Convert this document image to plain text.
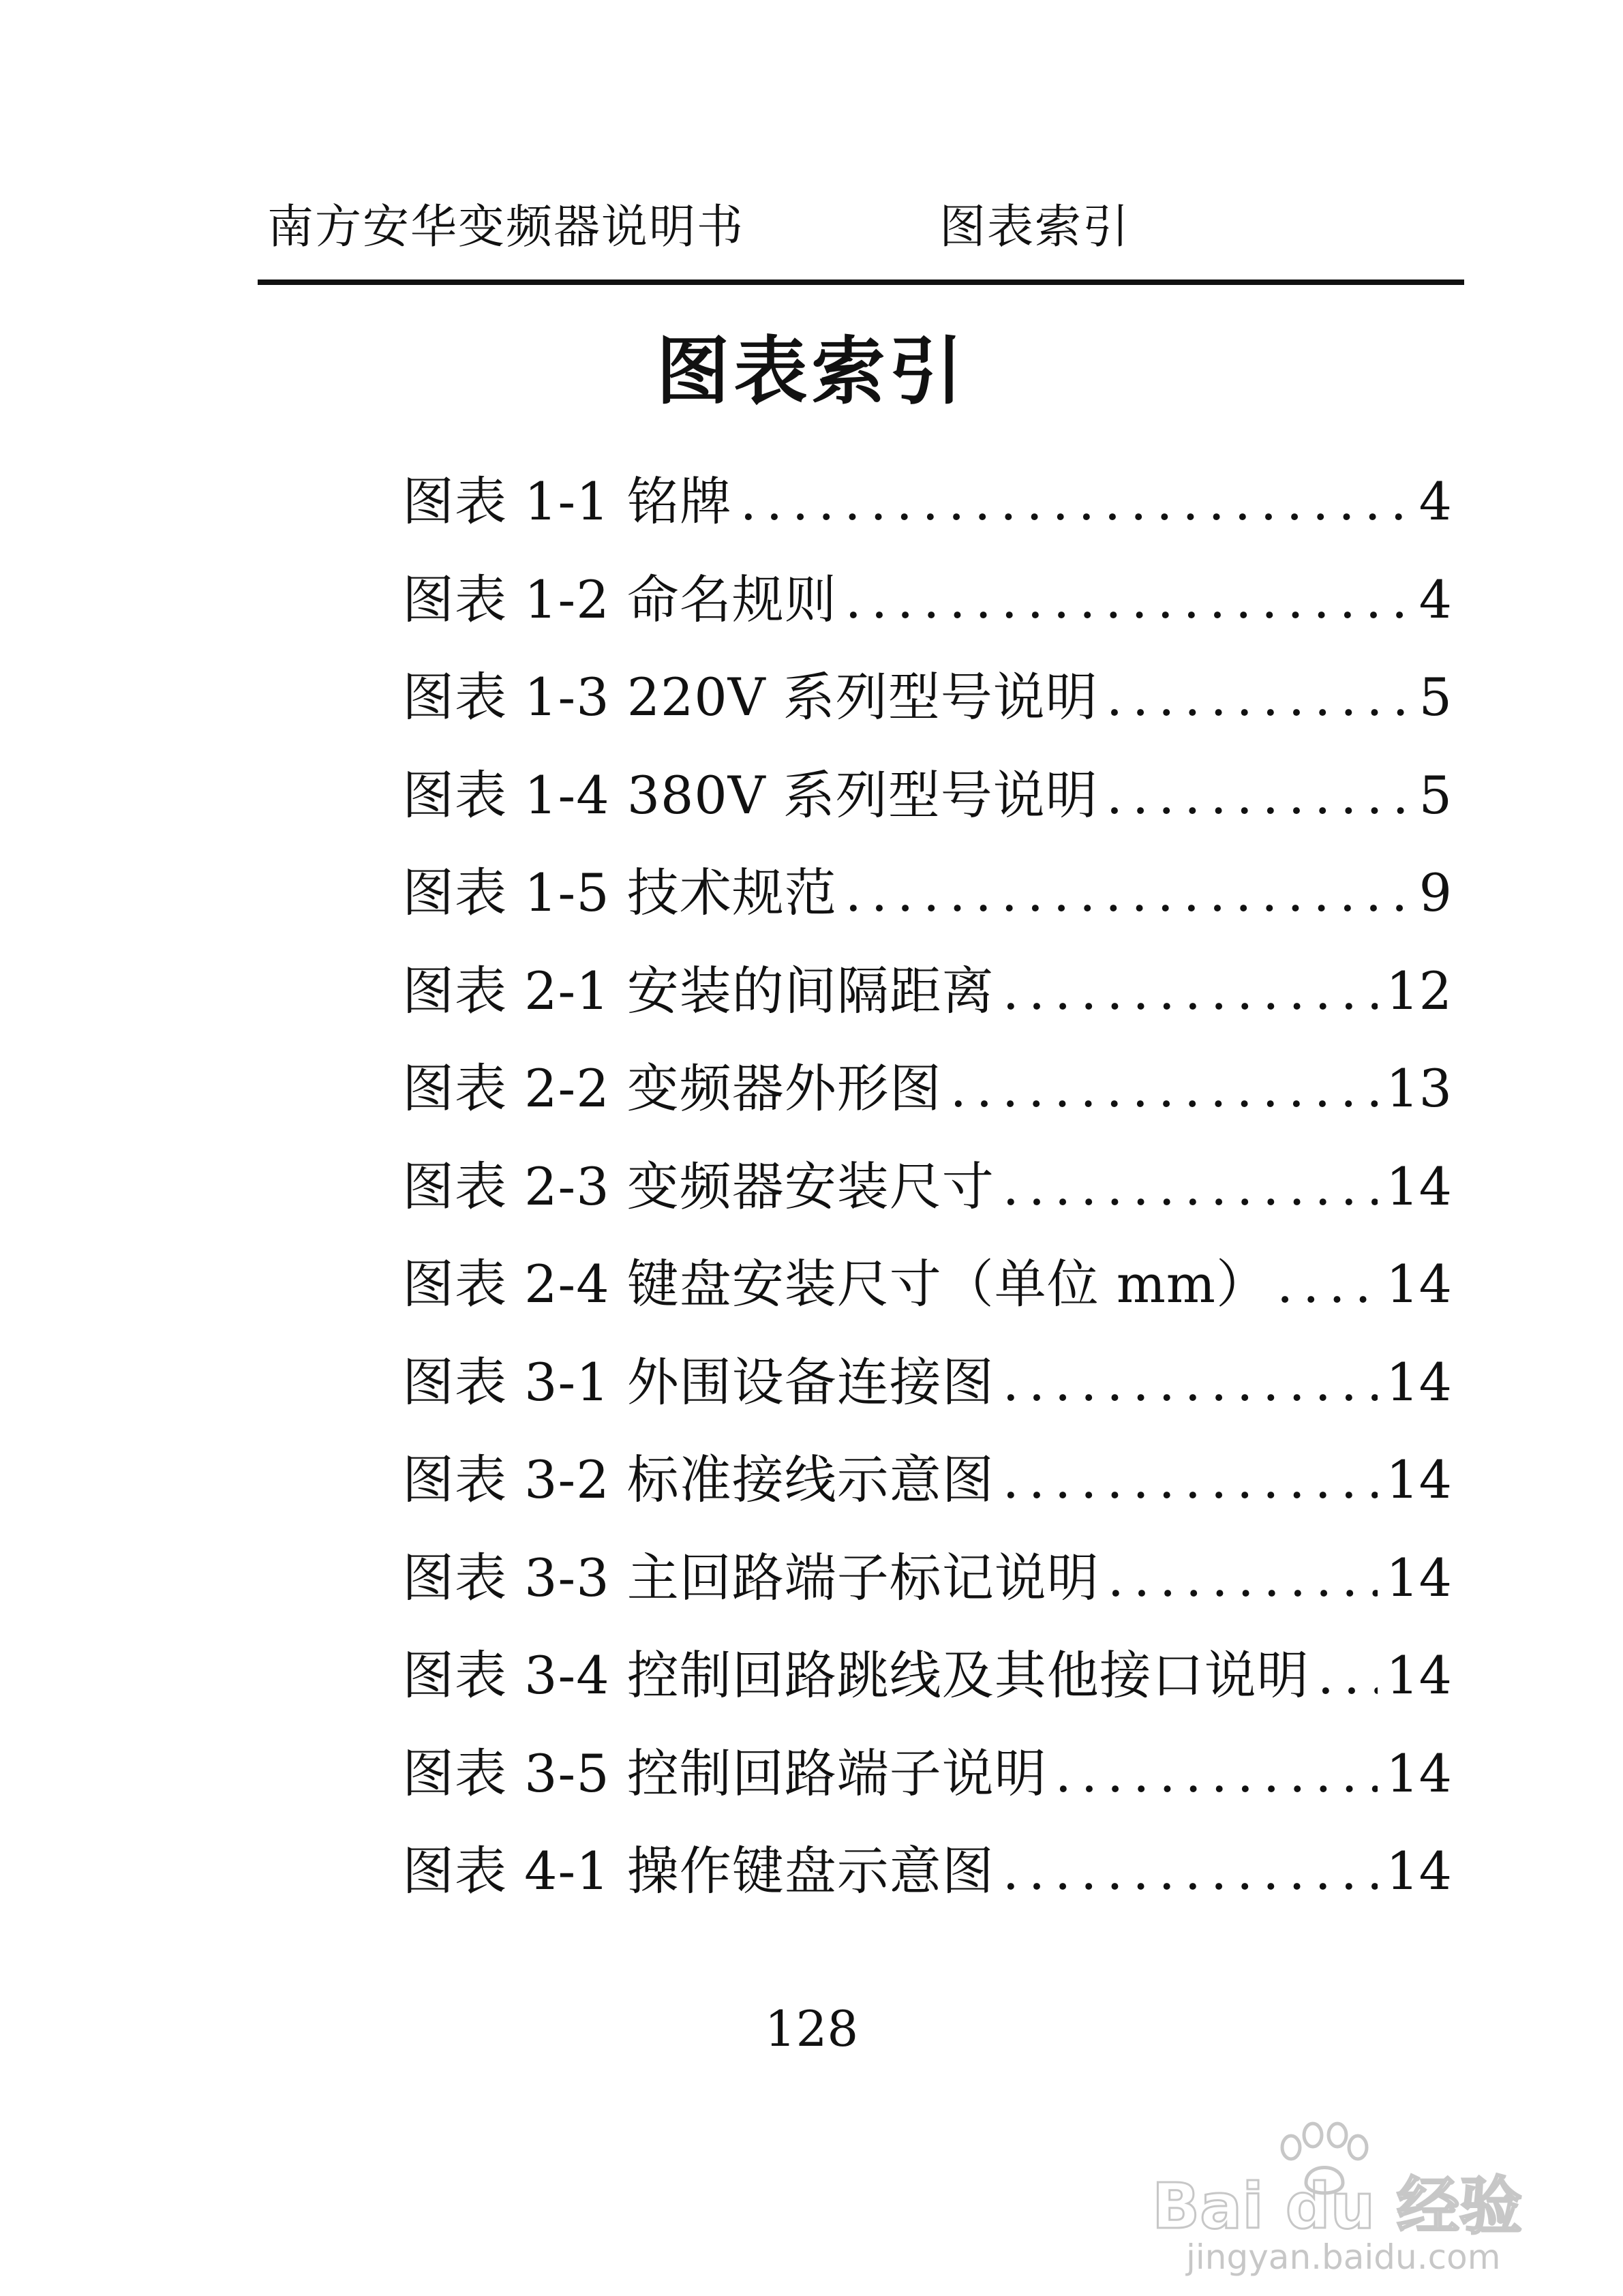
南方安华变频器说明书	图表索引
图表索引
图表 1-1 铭牌 .....	4
图表 1-2 命名规则 .....	4
图表 1-3 220V 系列型号说明 .....	5
图表 1-4 380V 系列型号说明 .....	5
图表 1-5 技术规范 .....	9
图表 2-1 安装的间隔距离 .....	12
图表 2-2 变频器外形图 .....	13
图表 2-3 变频器安装尺寸 .....	14
图表 2-4 键盘安装尺寸（单位 mm） ..... 14
图表 3-1 外围设备连接图 .....	14
图表 3-2 标准接线示意图 .....	14
图表 3-3 主回路端子标记说明 .....	14
图表 3-4 控制回路跳线及其他接口说明 ..... 14
图表 3-5 控制回路端子说明 .....	14
图表 4-1 操作键盘示意图 .....	14
128
Bai du 经验
jingyan.baidu.com
